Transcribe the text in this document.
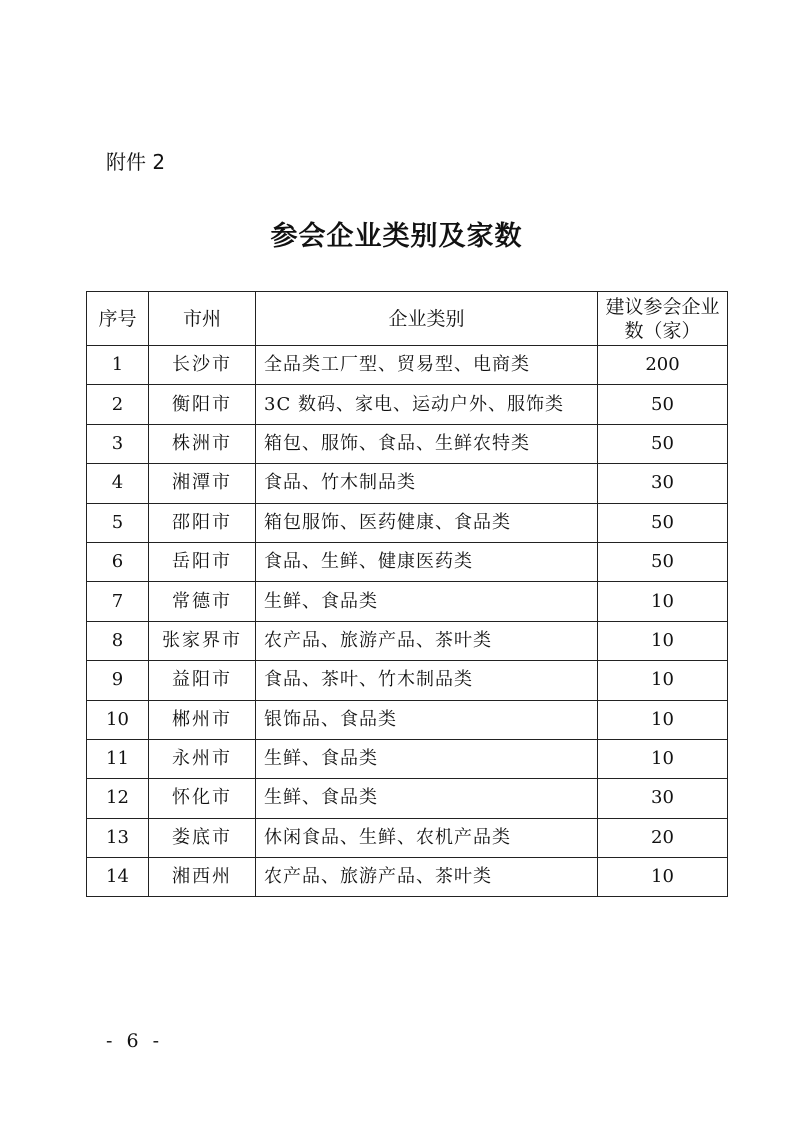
附件 2
参会企业类别及家数
序号	市州	企业类别	建议参会企业数（家）
1	长沙市	全品类工厂型、贸易型、电商类	200
2	衡阳市	3C 数码、家电、运动户外、服饰类	50
3	株洲市	箱包、服饰、食品、生鲜农特类	50
4	湘潭市	食品、竹木制品类	30
5	邵阳市	箱包服饰、医药健康、食品类	50
6	岳阳市	食品、生鲜、健康医药类	50
7	常德市	生鲜、食品类	10
8	张家界市	农产品、旅游产品、茶叶类	10
9	益阳市	食品、茶叶、竹木制品类	10
10	郴州市	银饰品、食品类	10
11	永州市	生鲜、食品类	10
12	怀化市	生鲜、食品类	30
13	娄底市	休闲食品、生鲜、农机产品类	20
14	湘西州	农产品、旅游产品、茶叶类	10
- 6 -
